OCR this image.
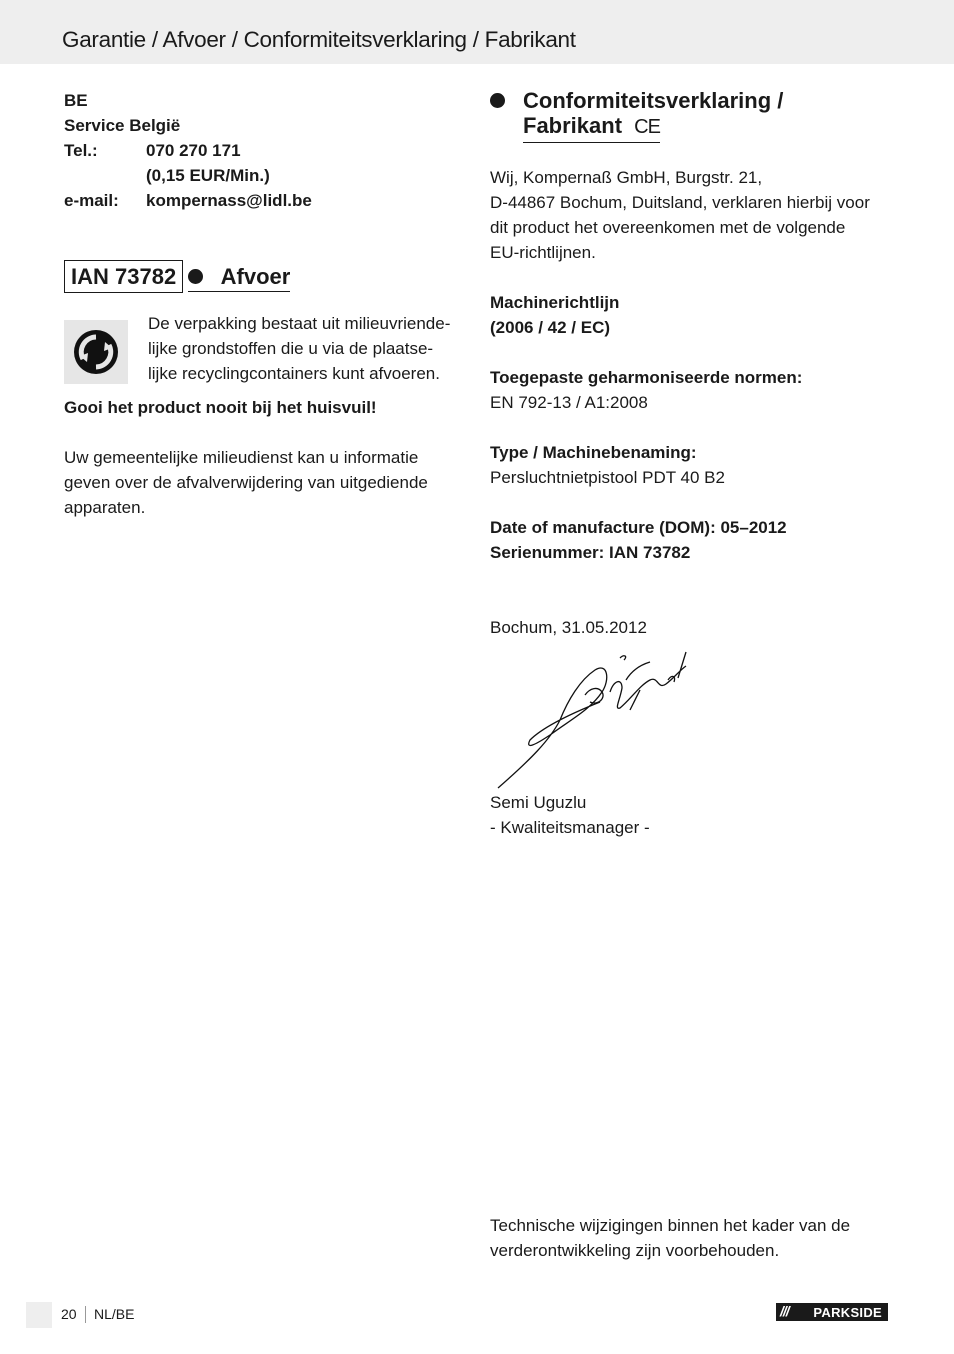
Garantie / Afvoer / Conformiteitsverklaring / Fabrikant
BE
Service België
Tel.:	070 270 171
(0,15 EUR/Min.)
e-mail:	kompernass@lidl.be
IAN 73782 Afvoer
De verpakking bestaat uit milieuvriende-
lijke grondstoffen die u via de plaatse-
lijke recyclingcontainers kunt afvoeren.
Gooi het product nooit bij het huisvuil!
Uw gemeentelijke milieudienst kan u informatie
geven over de afvalverwijdering van uitgediende
apparaten.
Conformiteitsverklaring /
Fabrikant CE
Wij, Kompernaß GmbH, Burgstr. 21,
D-44867 Bochum, Duitsland, verklaren hierbij voor
dit product het overeenkomen met de volgende
EU-richtlijnen.
Machinerichtlijn
(2006 / 42 / EC)
Toegepaste geharmoniseerde normen:
EN 792-13 / A1:2008
Type / Machinebenaming:
Persluchtnietpistool PDT 40 B2
Date of manufacture (DOM): 05–2012
Serienummer: IAN 73782
Bochum, 31.05.2012
Semi Uguzlu
- Kwaliteitsmanager -
Technische wijzigingen binnen het kader van de
verderontwikkeling zijn voorbehouden.
20 NL/BE	/// PARKSIDE
